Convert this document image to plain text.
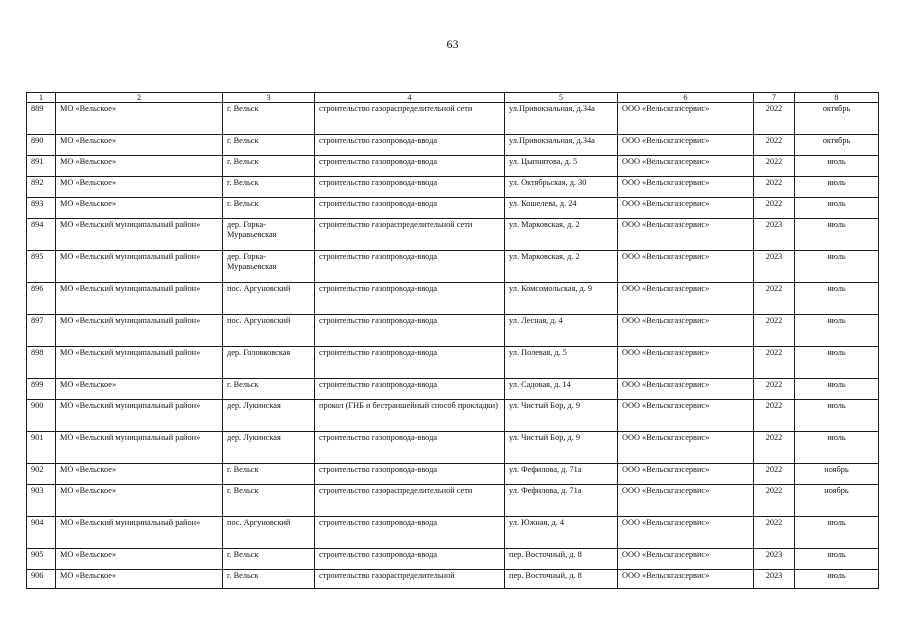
63
1	2	3	4	5	6	7	8
889	МО «Вельское»	г. Вельск	строительство газораспределительной сети	ул.Привокзальная, д.34а	ООО «Вельскгазсервис»	2022	октябрь
890	МО «Вельское»	г. Вельск	строительство газопровода-ввода	ул.Привокзальная, д.34а	ООО «Вельскгазсервис»	2022	октябрь
891	МО «Вельское»	г. Вельск	строительство газопровода-ввода	ул. Цыпнятова, д. 5	ООО «Вельскгазсервис»	2022	июль
892	МО «Вельское»	г. Вельск	строительство газопровода-ввода	ул. Октябрьская, д. 30	ООО «Вельскгазсервис»	2022	июль
893	МО «Вельское»	г. Вельск	строительство газопровода-ввода	ул. Кошелева, д. 24	ООО «Вельскгазсервис»	2022	июль
894	МО «Вельский муниципальный район»	дер. Горка-Муравьевская	строительство газораспределительной сети	ул. Марковская, д. 2	ООО «Вельскгазсервис»	2023	июль
895	МО «Вельский муниципальный район»	дер. Горка-Муравьевская	строительство газопровода-ввода	ул. Марковская, д. 2	ООО «Вельскгазсервис»	2023	июль
896	МО «Вельский муниципальный район»	пос. Аргуновский	строительство газопровода-ввода	ул. Комсомольская, д. 9	ООО «Вельскгазсервис»	2022	июль
897	МО «Вельский муниципальный район»	пос. Аргуновский	строительство газопровода-ввода	ул. Лесная, д. 4	ООО «Вельскгазсервис»	2022	июль
898	МО «Вельский муниципальный район»	дер. Головковская	строительство газопровода-ввода	ул. Полевая, д. 5	ООО «Вельскгазсервис»	2022	июль
899	МО «Вельское»	г. Вельск	строительство газопровода-ввода	ул. Садовая, д. 14	ООО «Вельскгазсервис»	2022	июль
900	МО «Вельский муниципальный район»	дер. Лукинская	прокол (ГНБ и бестраншейный способ прокладки)	ул. Чистый Бор, д. 9	ООО «Вельскгазсервис»	2022	июль
901	МО «Вельский муниципальный район»	дер. Лукинская	строительство газопровода-ввода	ул. Чистый Бор, д. 9	ООО «Вельскгазсервис»	2022	июль
902	МО «Вельское»	г. Вельск	строительство газопровода-ввода	ул. Фефилова, д. 71а	ООО «Вельскгазсервис»	2022	ноябрь
903	МО «Вельское»	г. Вельск	строительство газораспределительной сети	ул. Фефилова, д. 71а	ООО «Вельскгазсервис»	2022	ноябрь
904	МО «Вельский муниципальный район»	пос. Аргуновский	строительство газопровода-ввода	ул. Южная, д. 4	ООО «Вельскгазсервис»	2022	июль
905	МО «Вельское»	г. Вельск	строительство газопровода-ввода	пер. Восточный, д. 8	ООО «Вельскгазсервис»	2023	июль
906	МО «Вельское»	г. Вельск	строительство газораспределительной	пер. Восточный, д. 8	ООО «Вельскгазсервис»	2023	июль
